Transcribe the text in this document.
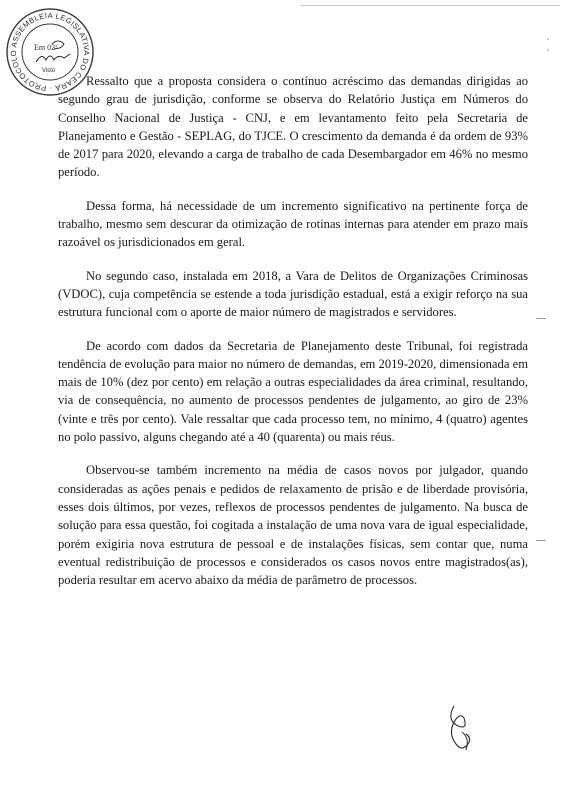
ASSEMBLEIA LEGISLATIVA DO CEARÁ · PROTOCOLO
Em 02/
Visto

Ressalto que a proposta considera o contínuo acréscimo das demandas dirigidas ao segundo grau de jurisdição, conforme se observa do Relatório Justiça em Números do Conselho Nacional de Justiça - CNJ, e em levantamento feito pela Secretaria de Planejamento e Gestão - SEPLAG, do TJCE. O crescimento da demanda é da ordem de 93% de 2017 para 2020, elevando a carga de trabalho de cada Desembargador em 46% no mesmo período.

Dessa forma, há necessidade de um incremento significativo na pertinente força de trabalho, mesmo sem descurar da otimização de rotinas internas para atender em prazo mais razoável os jurisdicionados em geral.

No segundo caso, instalada em 2018, a Vara de Delitos de Organizações Criminosas (VDOC), cuja competência se estende a toda jurisdição estadual, está a exigir reforço na sua estrutura funcional com o aporte de maior número de magistrados e servidores.

De acordo com dados da Secretaria de Planejamento deste Tribunal, foi registrada tendência de evolução para maior no número de demandas, em 2019-2020, dimensionada em mais de 10% (dez por cento) em relação a outras especialidades da área criminal, resultando, via de consequência, no aumento de processos pendentes de julgamento, ao giro de 23% (vinte e três por cento). Vale ressaltar que cada processo tem, no mínimo, 4 (quatro) agentes no polo passivo, alguns chegando até a 40 (quarenta) ou mais réus.

Observou-se também incremento na média de casos novos por julgador, quando consideradas as ações penais e pedidos de relaxamento de prisão e de liberdade provisória, esses dois últimos, por vezes, reflexos de processos pendentes de julgamento. Na busca de solução para essa questão, foi cogitada a instalação de uma nova vara de igual especialidade, porém exigiria nova estrutura de pessoal e de instalações físicas, sem contar que, numa eventual redistribuição de processos e considerados os casos novos entre magistrados(as), poderia resultar em acervo abaixo da média de parâmetro de processos.
